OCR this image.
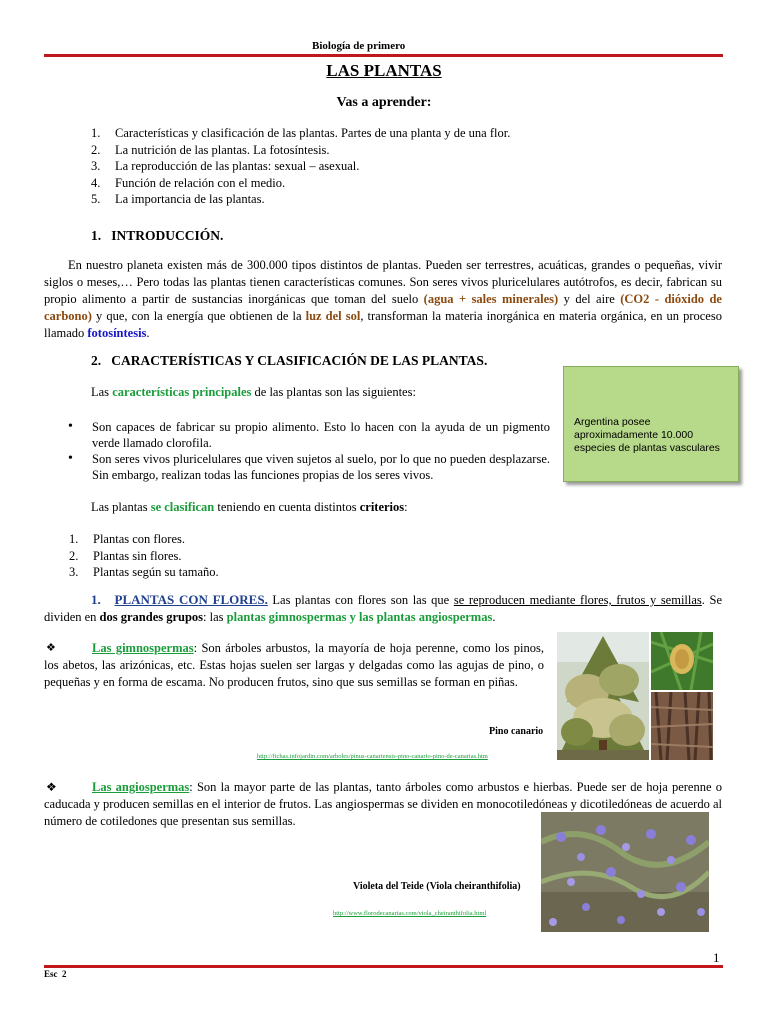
Biología de primero
LAS PLANTAS
Vas a aprender:
1. Características y clasificación de las plantas. Partes de una planta y de una flor.
2. La nutrición de las plantas. La fotosíntesis.
3. La reproducción de las plantas: sexual – asexual.
4. Función de relación con el medio.
5. La importancia de las plantas.
1.   INTRODUCCIÓN.
En nuestro planeta existen más de 300.000 tipos distintos de plantas. Pueden ser terrestres, acuáticas, grandes o pequeñas, vivir siglos o meses,… Pero todas las plantas tienen características comunes. Son seres vivos pluricelulares autótrofos, es decir, fabrican su propio alimento a partir de sustancias inorgánicas que toman del suelo (agua + sales minerales) y del aire (CO2 - dióxido de carbono) y que, con la energía que obtienen de la luz del sol, transforman la materia inorgánica en materia orgánica, en un proceso llamado fotosíntesis.
2.   CARACTERÍSTICAS Y CLASIFICACIÓN DE LAS PLANTAS.
Las características principales de las plantas son las siguientes:
• Son capaces de fabricar su propio alimento. Esto lo hacen con la ayuda de un pigmento verde llamado clorofila.
• Son seres vivos pluricelulares que viven sujetos al suelo, por lo que no pueden desplazarse. Sin embargo, realizan todas las funciones propias de los seres vivos.
Argentina posee aproximadamente 10.000 especies de plantas vasculares
Las plantas se clasifican teniendo en cuenta distintos criterios:
1. Plantas con flores.
2. Plantas sin flores.
3. Plantas según su tamaño.
1. PLANTAS CON FLORES. Las plantas con flores son las que se reproducen mediante flores, frutos y semillas. Se dividen en dos grandes grupos: las plantas gimnospermas y las plantas angiospermas.
❖	Las gimnospermas: Son árboles arbustos, la mayoría de hoja perenne, como los pinos, los abetos, las arizónicas, etc. Estas hojas suelen ser largas y delgadas como las agujas de pino, o pequeñas y en forma de escama. No producen frutos, sino que sus semillas se forman en piñas.
Pino canario
http://fichas.infojardin.com/arboles/pinus-canariensis-pino-canario-pino-de-canarias.htm
❖	Las angiospermas: Son la mayor parte de las plantas, tanto árboles como arbustos e hierbas. Puede ser de hoja perenne o caducada y producen semillas en el interior de frutos. Las angiospermas se dividen en monocotiledóneas y dicotiledóneas de acuerdo al número de cotiledones que presentan sus semillas.
Violeta del Teide (Viola cheiranthifolia)
http://www.florodecanarias.com/viola_cheiranthifolia.html
1
Esc  2
